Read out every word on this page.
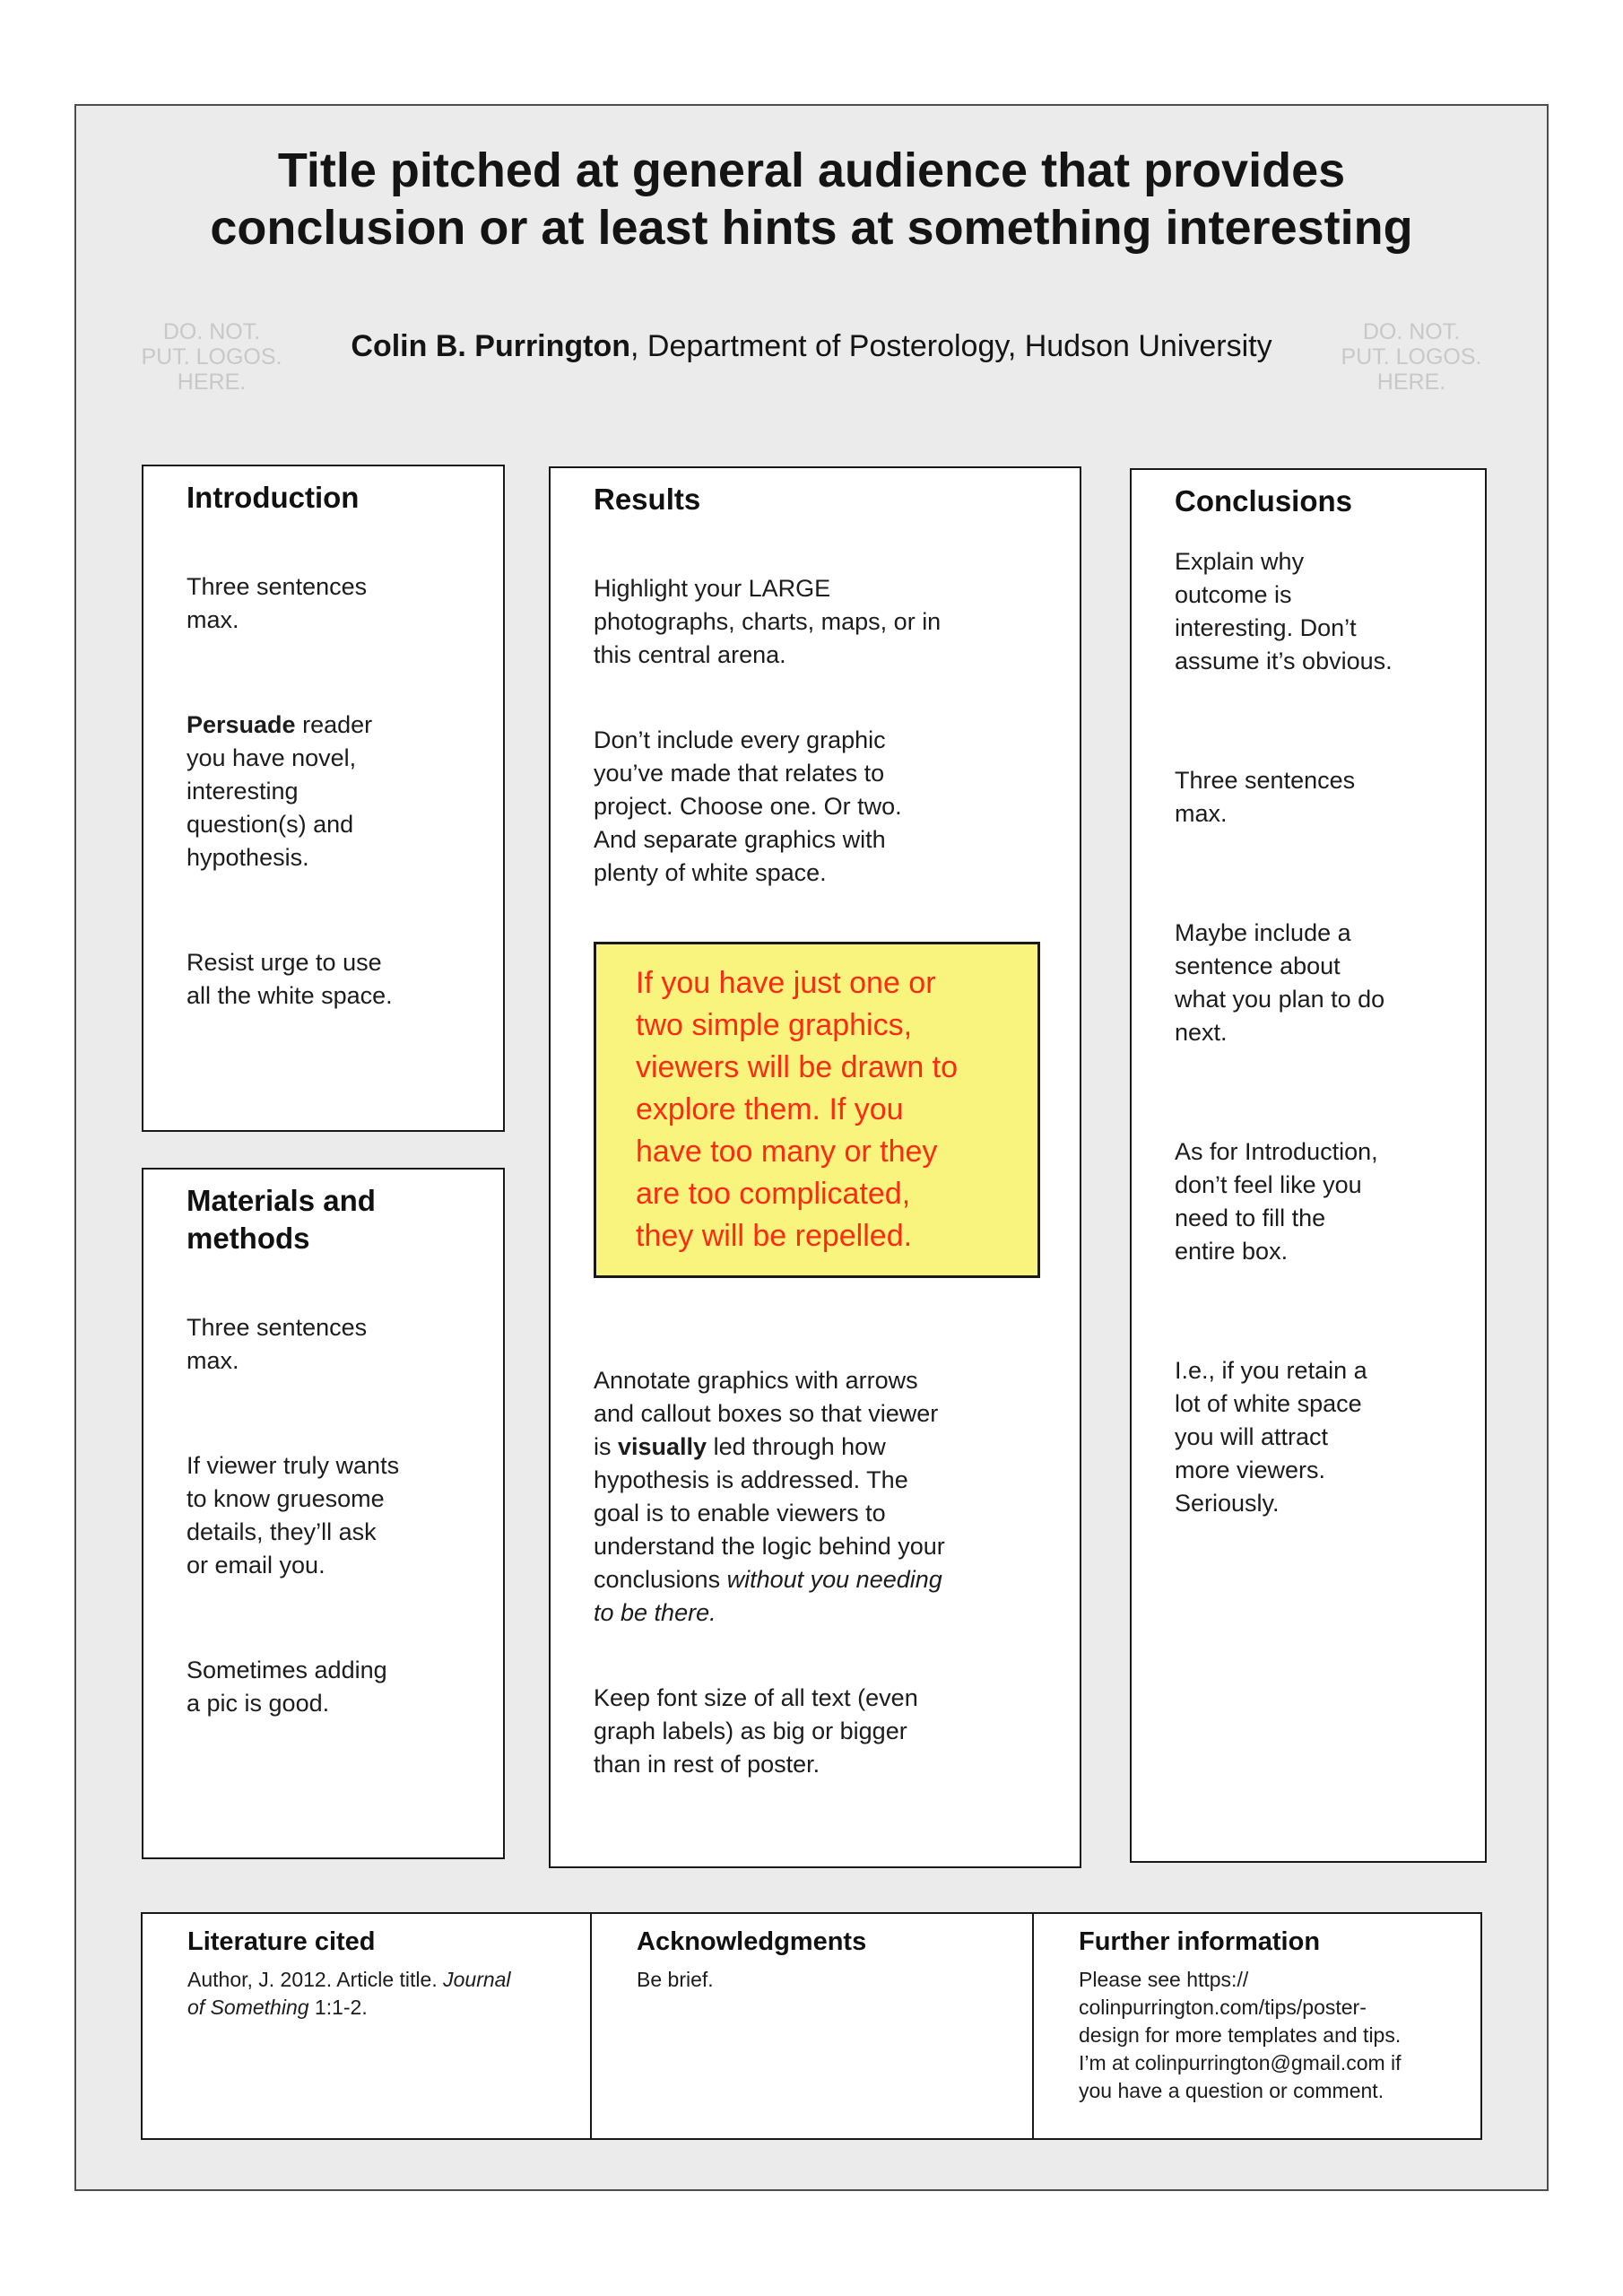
Title pitched at general audience that provides
conclusion or at least hints at something interesting

DO. NOT.
PUT. LOGOS.
HERE.

Colin B. Purrington, Department of Posterology, Hudson University	DO. NOT.
PUT. LOGOS.
HERE.

Introduction

Three sentences
max.

Persuade reader
you have novel,
interesting
question(s) and
hypothesis.

Resist urge to use
all the white space.

Materials and methods

Three sentences
max.

If viewer truly wants
to know gruesome
details, they’ll ask
or email you.

Sometimes adding
a pic is good.

Results

Highlight your LARGE
photographs, charts, maps, or in
this central arena.

Don’t include every graphic
you’ve made that relates to
project. Choose one. Or two.
And separate graphics with
plenty of white space.

If you have just one or
two simple graphics,
viewers will be drawn to
explore them. If you
have too many or they
are too complicated,
they will be repelled.

Annotate graphics with arrows
and callout boxes so that viewer
is visually led through how
hypothesis is addressed. The
goal is to enable viewers to
understand the logic behind your
conclusions without you needing
to be there.

Keep font size of all text (even
graph labels) as big or bigger
than in rest of poster.

Conclusions

Explain why
outcome is
interesting. Don’t
assume it’s obvious.

Three sentences
max.

Maybe include a
sentence about
what you plan to do
next.

As for Introduction,
don’t feel like you
need to fill the
entire box.

I.e., if you retain a
lot of white space
you will attract
more viewers.
Seriously.

Literature cited

Author, J. 2012. Article title. Journal
of Something 1:1-2.

Acknowledgments

Be brief.

Further information

Please see https://
colinpurrington.com/tips/poster-
design for more templates and tips.
I’m at colinpurrington@gmail.com if
you have a question or comment.
